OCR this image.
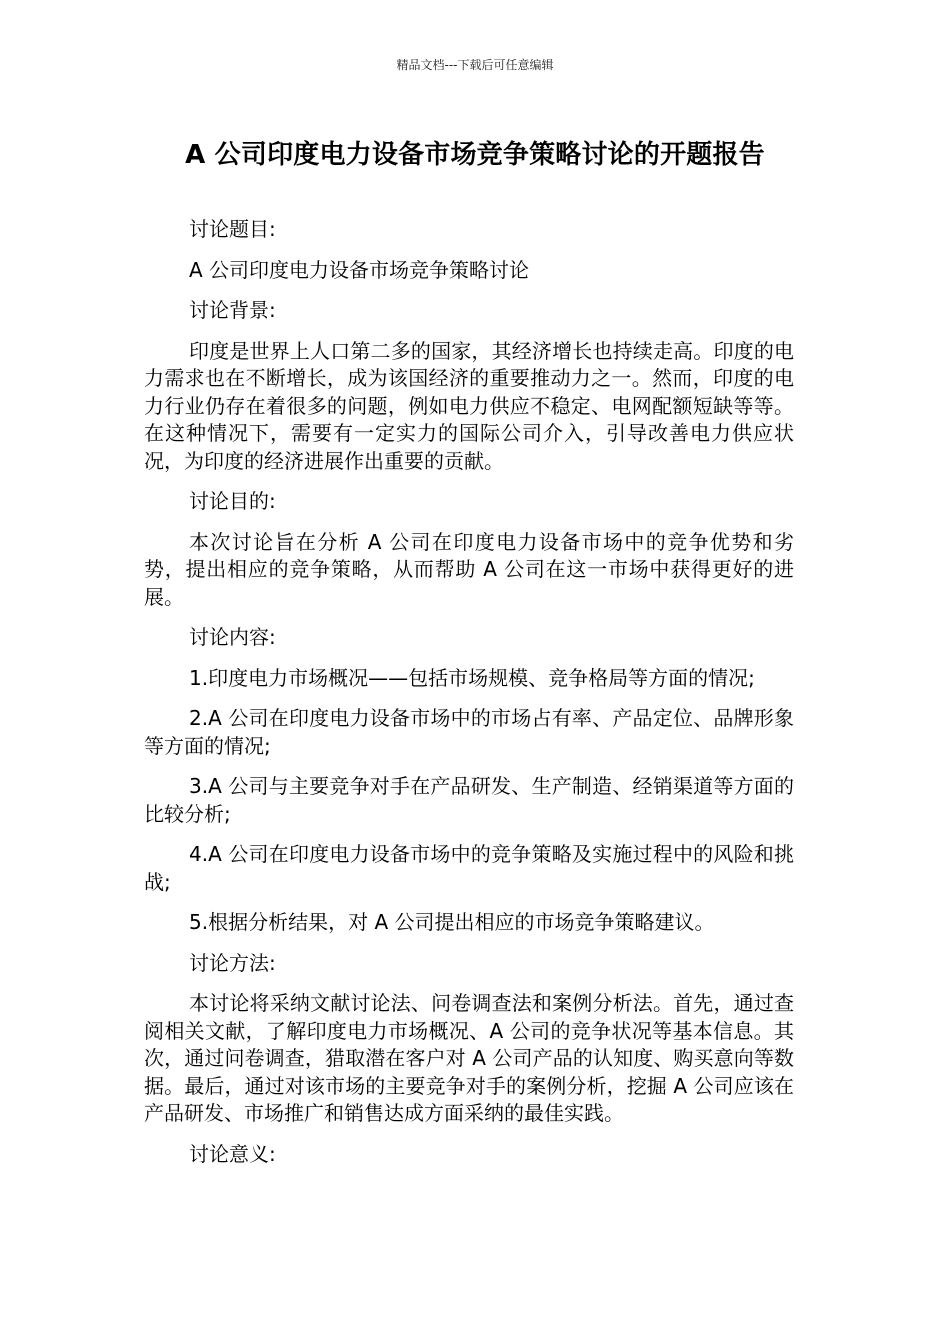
精品文档---下载后可任意编辑
A 公司印度电力设备市场竞争策略讨论的开题报告

讨论题目:

A 公司印度电力设备市场竞争策略讨论

讨论背景:

印度是世界上人口第二多的国家，其经济增长也持续走高。印度的电力需求也在不断增长，成为该国经济的重要推动力之一。然而，印度的电力行业仍存在着很多的问题，例如电力供应不稳定、电网配额短缺等等。在这种情况下，需要有一定实力的国际公司介入，引导改善电力供应状况，为印度的经济进展作出重要的贡献。

讨论目的:

本次讨论旨在分析 A 公司在印度电力设备市场中的竞争优势和劣势，提出相应的竞争策略，从而帮助 A 公司在这一市场中获得更好的进展。

讨论内容:

1.印度电力市场概况——包括市场规模、竞争格局等方面的情况;

2.A 公司在印度电力设备市场中的市场占有率、产品定位、品牌形象等方面的情况;

3.A 公司与主要竞争对手在产品研发、生产制造、经销渠道等方面的比较分析;

4.A 公司在印度电力设备市场中的竞争策略及实施过程中的风险和挑战;

5.根据分析结果，对 A 公司提出相应的市场竞争策略建议。

讨论方法:

本讨论将采纳文献讨论法、问卷调查法和案例分析法。首先，通过查阅相关文献，了解印度电力市场概况、A 公司的竞争状况等基本信息。其次，通过问卷调查，猎取潜在客户对 A 公司产品的认知度、购买意向等数据。最后，通过对该市场的主要竞争对手的案例分析，挖掘 A 公司应该在产品研发、市场推广和销售达成方面采纳的最佳实践。

讨论意义:
